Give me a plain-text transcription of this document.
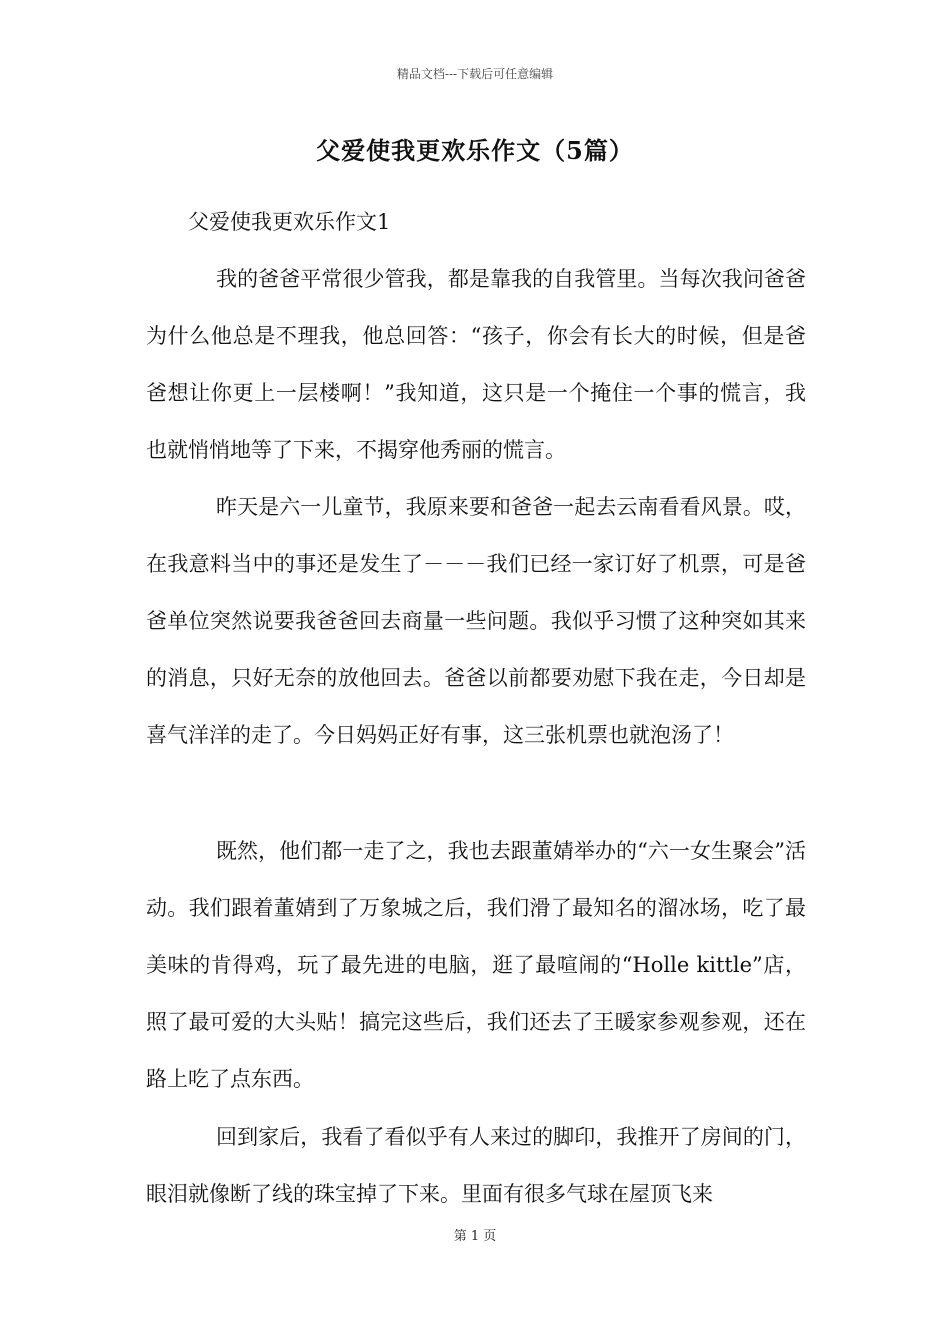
精品文档---下载后可任意编辑
父爱使我更欢乐作文（5篇）
父爱使我更欢乐作文1

我的爸爸平常很少管我，都是靠我的自我管里。当每次我问爸爸为什么他总是不理我，他总回答：“孩子，你会有长大的时候，但是爸爸想让你更上一层楼啊！”我知道，这只是一个掩住一个事的慌言，我也就悄悄地等了下来，不揭穿他秀丽的慌言。

昨天是六一儿童节，我原来要和爸爸一起去云南看看风景。哎，在我意料当中的事还是发生了－－－我们已经一家订好了机票，可是爸爸单位突然说要我爸爸回去商量一些问题。我似乎习惯了这种突如其来的消息，只好无奈的放他回去。爸爸以前都要劝慰下我在走，今日却是喜气洋洋的走了。今日妈妈正好有事，这三张机票也就泡汤了！

既然，他们都一走了之，我也去跟董婧举办的“六一女生聚会”活动。我们跟着董婧到了万象城之后，我们滑了最知名的溜冰场，吃了最美味的肯得鸡，玩了最先进的电脑，逛了最喧闹的“Holle kittle”店，照了最可爱的大头贴！搞完这些后，我们还去了王暖家参观参观，还在路上吃了点东西。

回到家后，我看了看似乎有人来过的脚印，我推开了房间的门，眼泪就像断了线的珠宝掉了下来。里面有很多气球在屋顶飞来

第 1 页
